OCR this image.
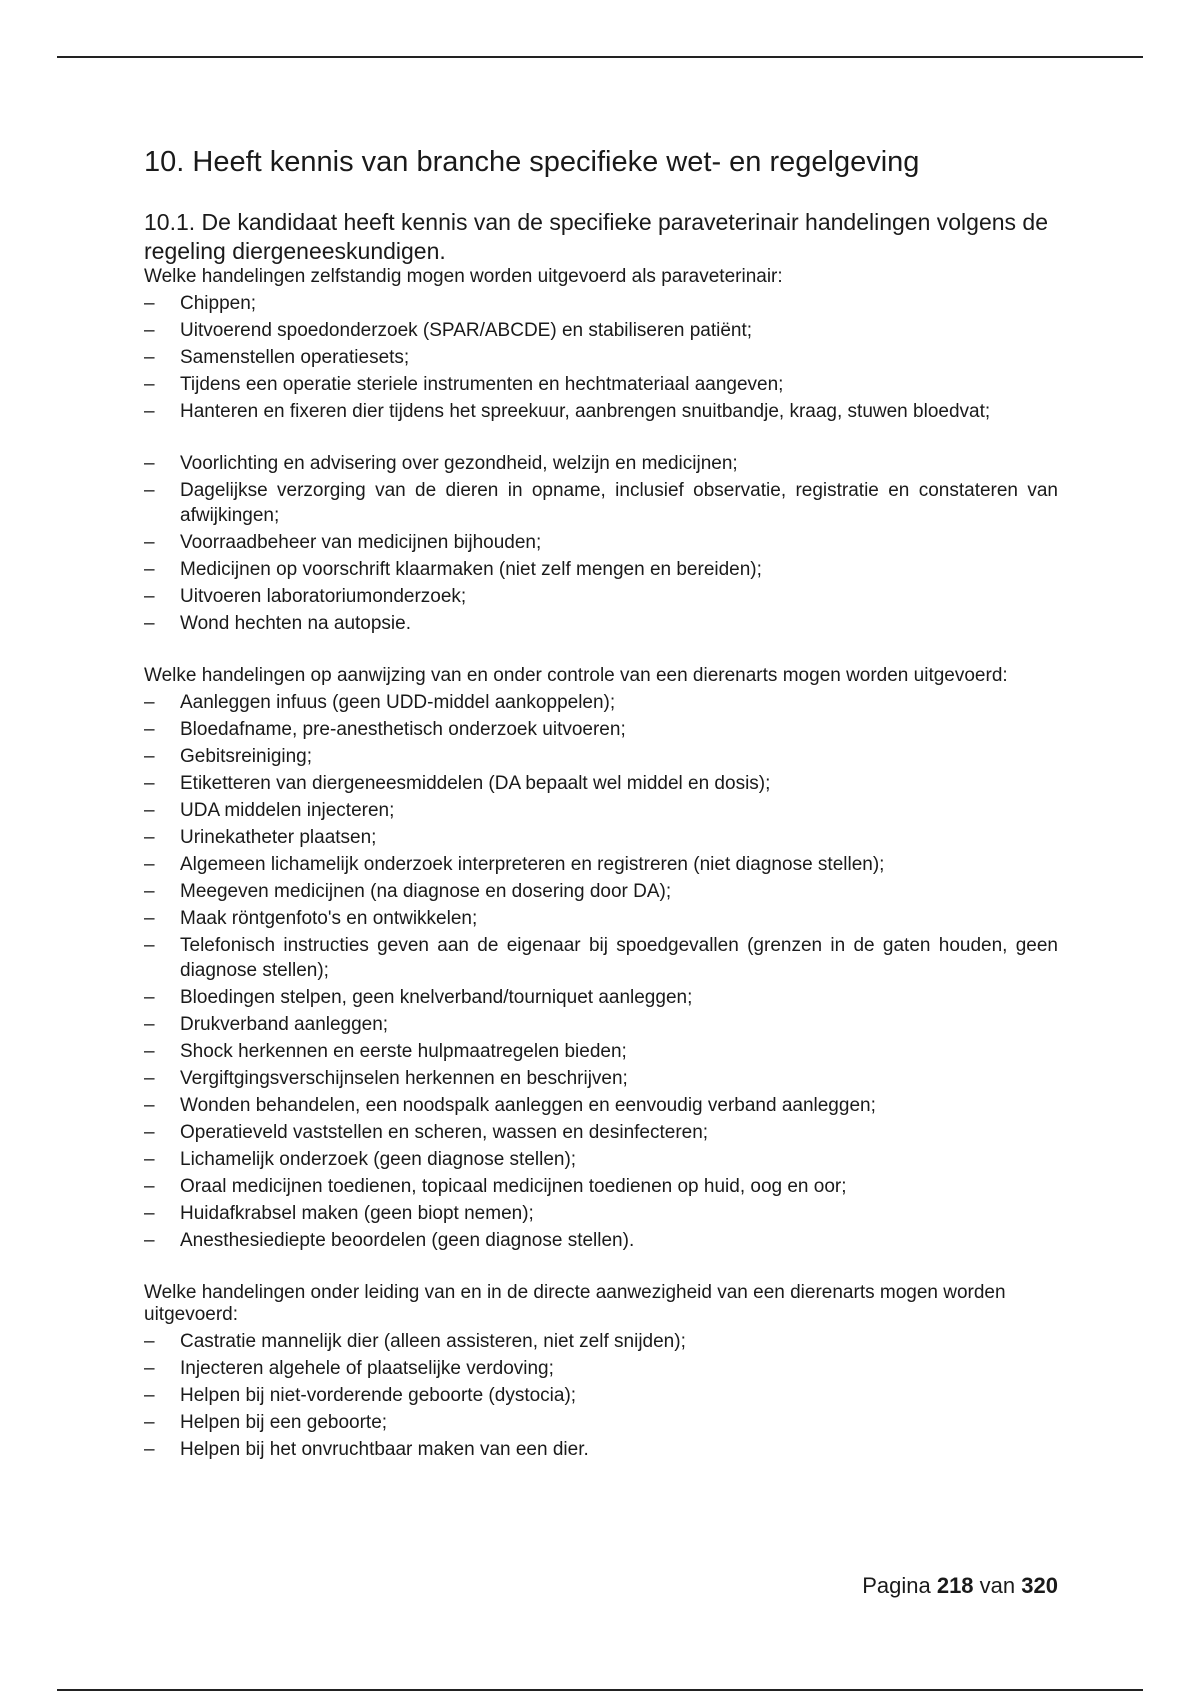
10. Heeft kennis van branche specifieke wet- en regelgeving
10.1. De kandidaat heeft kennis van de specifieke paraveterinair handelingen volgens de regeling diergeneeskundigen.
Welke handelingen zelfstandig mogen worden uitgevoerd als paraveterinair:
– Chippen;
– Uitvoerend spoedonderzoek (SPAR/ABCDE) en stabiliseren patiënt;
– Samenstellen operatiesets;
– Tijdens een operatie steriele instrumenten en hechtmateriaal aangeven;
– Hanteren en fixeren dier tijdens het spreekuur, aanbrengen snuitbandje, kraag, stuwen bloedvat;
– Voorlichting en advisering over gezondheid, welzijn en medicijnen;
– Dagelijkse verzorging van de dieren in opname, inclusief observatie, registratie en constateren van afwijkingen;
– Voorraadbeheer van medicijnen bijhouden;
– Medicijnen op voorschrift klaarmaken (niet zelf mengen en bereiden);
– Uitvoeren laboratoriumonderzoek;
– Wond hechten na autopsie.
Welke handelingen op aanwijzing van en onder controle van een dierenarts mogen worden uitgevoerd:
– Aanleggen infuus (geen UDD-middel aankoppelen);
– Bloedafname, pre-anesthetisch onderzoek uitvoeren;
– Gebitsreiniging;
– Etiketteren van diergeneesmiddelen (DA bepaalt wel middel en dosis);
– UDA middelen injecteren;
– Urinekatheter plaatsen;
– Algemeen lichamelijk onderzoek interpreteren en registreren (niet diagnose stellen);
– Meegeven medicijnen (na diagnose en dosering door DA);
– Maak röntgenfoto's en ontwikkelen;
– Telefonisch instructies geven aan de eigenaar bij spoedgevallen (grenzen in de gaten houden, geen diagnose stellen);
– Bloedingen stelpen, geen knelverband/tourniquet aanleggen;
– Drukverband aanleggen;
– Shock herkennen en eerste hulpmaatregelen bieden;
– Vergiftgingsverschijnselen herkennen en beschrijven;
– Wonden behandelen, een noodspalk aanleggen en eenvoudig verband aanleggen;
– Operatieveld vaststellen en scheren, wassen en desinfecteren;
– Lichamelijk onderzoek (geen diagnose stellen);
– Oraal medicijnen toedienen, topicaal medicijnen toedienen op huid, oog en oor;
– Huidafkrabsel maken (geen biopt nemen);
– Anesthesiediepte beoordelen (geen diagnose stellen).
Welke handelingen onder leiding van en in de directe aanwezigheid van een dierenarts mogen worden uitgevoerd:
– Castratie mannelijk dier (alleen assisteren, niet zelf snijden);
– Injecteren algehele of plaatselijke verdoving;
– Helpen bij niet-vorderende geboorte (dystocia);
– Helpen bij een geboorte;
– Helpen bij het onvruchtbaar maken van een dier.
Pagina 218 van 320
